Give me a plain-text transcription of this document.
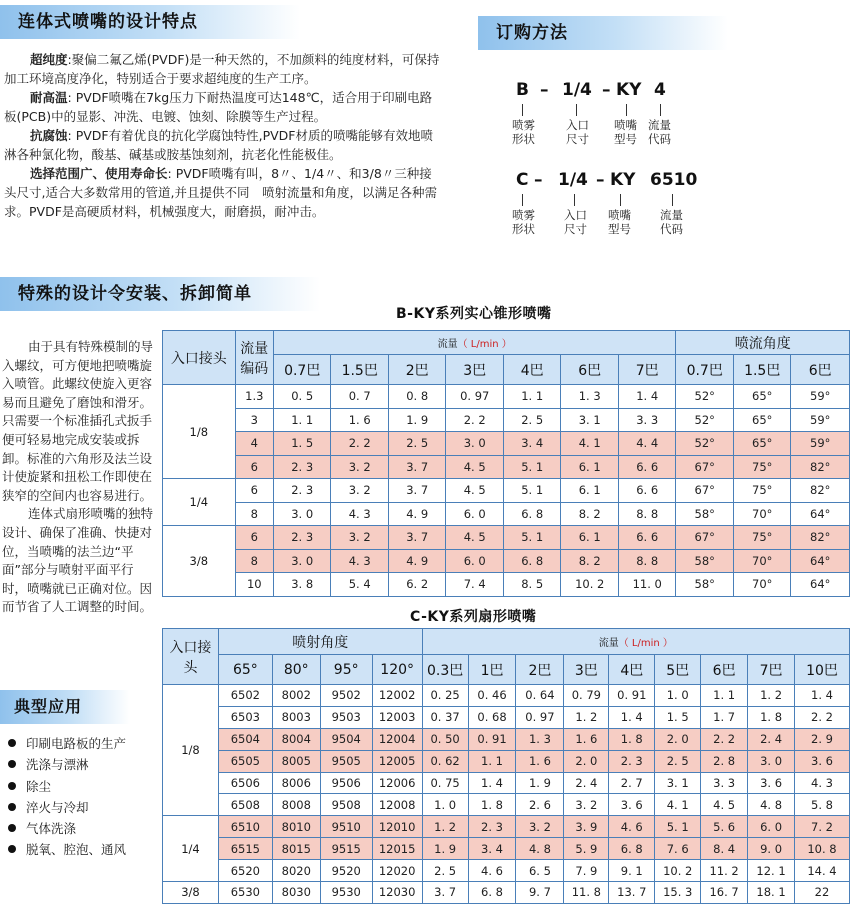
连体式喷嘴的设计特点
订购方法
特殊的设计令安装、拆卸简单
典型应用

超纯度:聚偏二氟乙烯(PVDF)是一种天然的，不加颜料的纯度材料，可保持加工环境高度净化，特别适合于要求超纯度的生产工序。

耐高温: PVDF喷嘴在7kg压力下耐热温度可达148℃，适合用于印刷电路板(PCB)中的显影、冲洗、电镀、蚀刻、除膜等生产过程。

抗腐蚀: PVDF有着优良的抗化学腐蚀特性,PVDF材质的喷嘴能够有效地喷淋各种氯化物，酸基、碱基或胺基蚀刻剂，抗老化性能极佳。

选择范围广、使用寿命长: PVDF喷嘴有叫，8〃、1/4〃、和3/8〃三种接头尺寸,适合大多数常用的管道,并且提供不同　喷射流量和角度，以满足各种需求。PVDF是高硬质材料，机械强度大，耐磨损，耐冲击。

B – 1/4 – KY 4
喷雾形状
入口尺寸
喷嘴型号
流量代码
C – 1/4 – KY 6510
喷雾形状
入口尺寸
喷嘴型号
流量代码

由于具有特殊模制的导入螺纹，可方便地把喷嘴旋入喷管。此螺纹使旋入更容易而且避免了磨蚀和滑牙。只需要一个标准插孔式扳手便可轻易地完成安装或拆卸。标准的六角形及法兰设计使旋紧和扭松工作即使在狭窄的空间内也容易进行。

连体式扇形喷嘴的独特设计、确保了准确、快捷对位，当喷嘴的法兰边“平面”部分与喷射平面平行时，喷嘴就已正确对位。因而节省了人工调整的时间。

B-KY系列实心锥形喷嘴
入口接头	流量编码	流量（ L/min ）							喷流角度		
		0.7巴	1.5巴	2巴	3巴	4巴	6巴	7巴	0.7巴	1.5巴	6巴
1/8	1.3	0. 5	0. 7	0. 8	0. 97	1. 1	1. 3	1. 4	52°	65°	59°
	3	1. 1	1. 6	1. 9	2. 2	2. 5	3. 1	3. 3	52°	65°	59°
	4	1. 5	2. 2	2. 5	3. 0	3. 4	4. 1	4. 4	52°	65°	59°
	6	2. 3	3. 2	3. 7	4. 5	5. 1	6. 1	6. 6	67°	75°	82°
1/4	6	2. 3	3. 2	3. 7	4. 5	5. 1	6. 1	6. 6	67°	75°	82°
	8	3. 0	4. 3	4. 9	6. 0	6. 8	8. 2	8. 8	58°	70°	64°
3/8	6	2. 3	3. 2	3. 7	4. 5	5. 1	6. 1	6. 6	67°	75°	82°
	8	3. 0	4. 3	4. 9	6. 0	6. 8	8. 2	8. 8	58°	70°	64°
	10	3. 8	5. 4	6. 2	7. 4	8. 5	10. 2	11. 0	58°	70°	64°
C-KY系列扇形喷嘴
入口接头	喷射角度				流量（ L/min ）								
	65°	80°	95°	120°	0.3巴	1巴	2巴	3巴	4巴	5巴	6巴	7巴	10巴
1/8	6502	8002	9502	12002	0. 25	0. 46	0. 64	0. 79	0. 91	1. 0	1. 1	1. 2	1. 4
	6503	8003	9503	12003	0. 37	0. 68	0. 97	1. 2	1. 4	1. 5	1. 7	1. 8	2. 2
	6504	8004	9504	12004	0. 50	0. 91	1. 3	1. 6	1. 8	2. 0	2. 2	2. 4	2. 9
	6505	8005	9505	12005	0. 62	1. 1	1. 6	2. 0	2. 3	2. 5	2. 8	3. 0	3. 6
	6506	8006	9506	12006	0. 75	1. 4	1. 9	2. 4	2. 7	3. 1	3. 3	3. 6	4. 3
	6508	8008	9508	12008	1. 0	1. 8	2. 6	3. 2	3. 6	4. 1	4. 5	4. 8	5. 8
1/4	6510	8010	9510	12010	1. 2	2. 3	3. 2	3. 9	4. 6	5. 1	5. 6	6. 0	7. 2
	6515	8015	9515	12015	1. 9	3. 4	4. 8	5. 9	6. 8	7. 6	8. 4	9. 0	10. 8
	6520	8020	9520	12020	2. 5	4. 6	6. 5	7. 9	9. 1	10. 2	11. 2	12. 1	14. 4
3/8	6530	8030	9530	12030	3. 7	6. 8	9. 7	11. 8	13. 7	15. 3	16. 7	18. 1	22
印刷电路板的生产
洗涤与漂淋
除尘
淬火与冷却
气体洗涤
脱氧、腔泡、通风
